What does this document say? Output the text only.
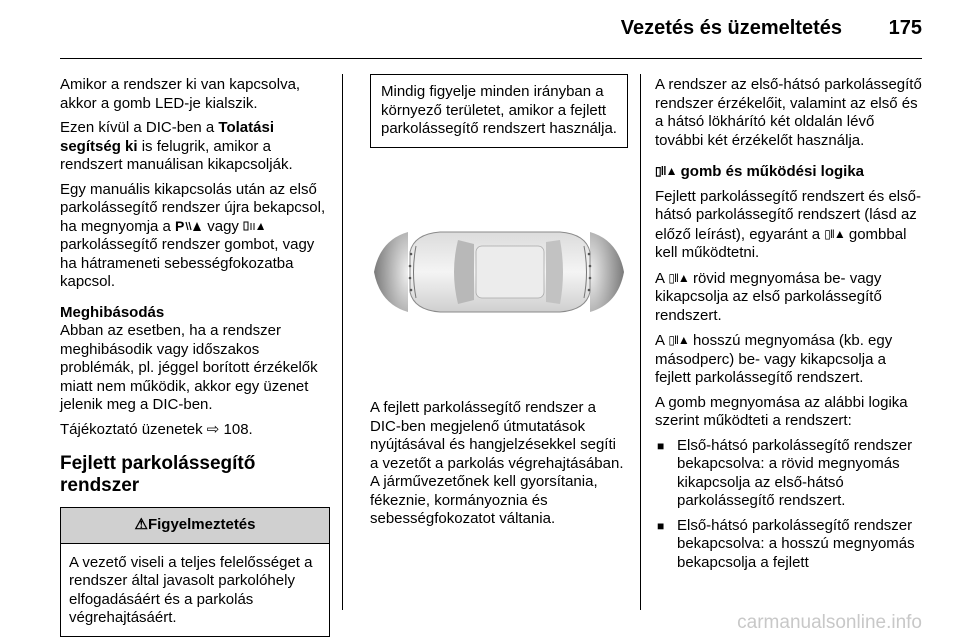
Vezetés és üzemeltetés 175

Amikor a rendszer ki van kapcsolva, akkor a gomb LED-je kialszik.

Ezen kívül a DIC-ben a Tolatási segítség ki is felugrik, amikor a rendszert manuálisan kikapcsolják.

Egy manuális kikapcsolás után az első parkolássegítő rendszer újra bekapcsol, ha megnyomja a P vagy  parkolássegítő rendszer gombot, vagy ha hátrameneti sebességfokozatba kapcsol.

Meghibásodás

Abban az esetben, ha a rendszer meghibásodik vagy időszakos problémák, pl. jéggel borított érzékelők miatt nem működik, akkor egy üzenet jelenik meg a DIC-ben.

Tájékoztató üzenetek ⇨ 108.

Fejlett parkolássegítő rendszer

⚠Figyelmeztetés
A vezető viseli a teljes felelősséget a rendszer által javasolt parkolóhely elfogadásáért és a parkolás végrehajtásáért.
Mindig figyelje minden irányban a környező területet, amikor a fejlett parkolássegítő rendszert használja.

A fejlett parkolássegítő rendszer a DIC-ben megjelenő útmutatások nyújtásával és hangjelzésekkel segíti a vezetőt a parkolás végrehajtásában. A járművezetőnek kell gyorsítania, fékeznie, kormányoznia és sebességfokozatot váltania.

A rendszer az első-hátsó parkolássegítő rendszer érzékelőit, valamint az első és a hátsó lökhárító két oldalán lévő további két érzékelőt használja.

▯‖▲ gomb és működési logika

Fejlett parkolássegítő rendszert és első-hátsó parkolássegítő rendszert (lásd az előző leírást), egyaránt a ▯‖▲ gombbal kell működtetni.

A ▯‖▲ rövid megnyomása be- vagy kikapcsolja az első parkolássegítő rendszert.

A ▯‖▲ hosszú megnyomása (kb. egy másodperc) be- vagy kikapcsolja a fejlett parkolássegítő rendszert.

A gomb megnyomása az alábbi logika szerint működteti a rendszert:

■ Első-hátsó parkolássegítő rendszer bekapcsolva: a rövid megnyomás kikapcsolja az első-hátsó parkolássegítő rendszert.
■ Első-hátsó parkolássegítő rendszer bekapcsolva: a hosszú megnyomás bekapcsolja a fejlett
carmanualsonline.info
